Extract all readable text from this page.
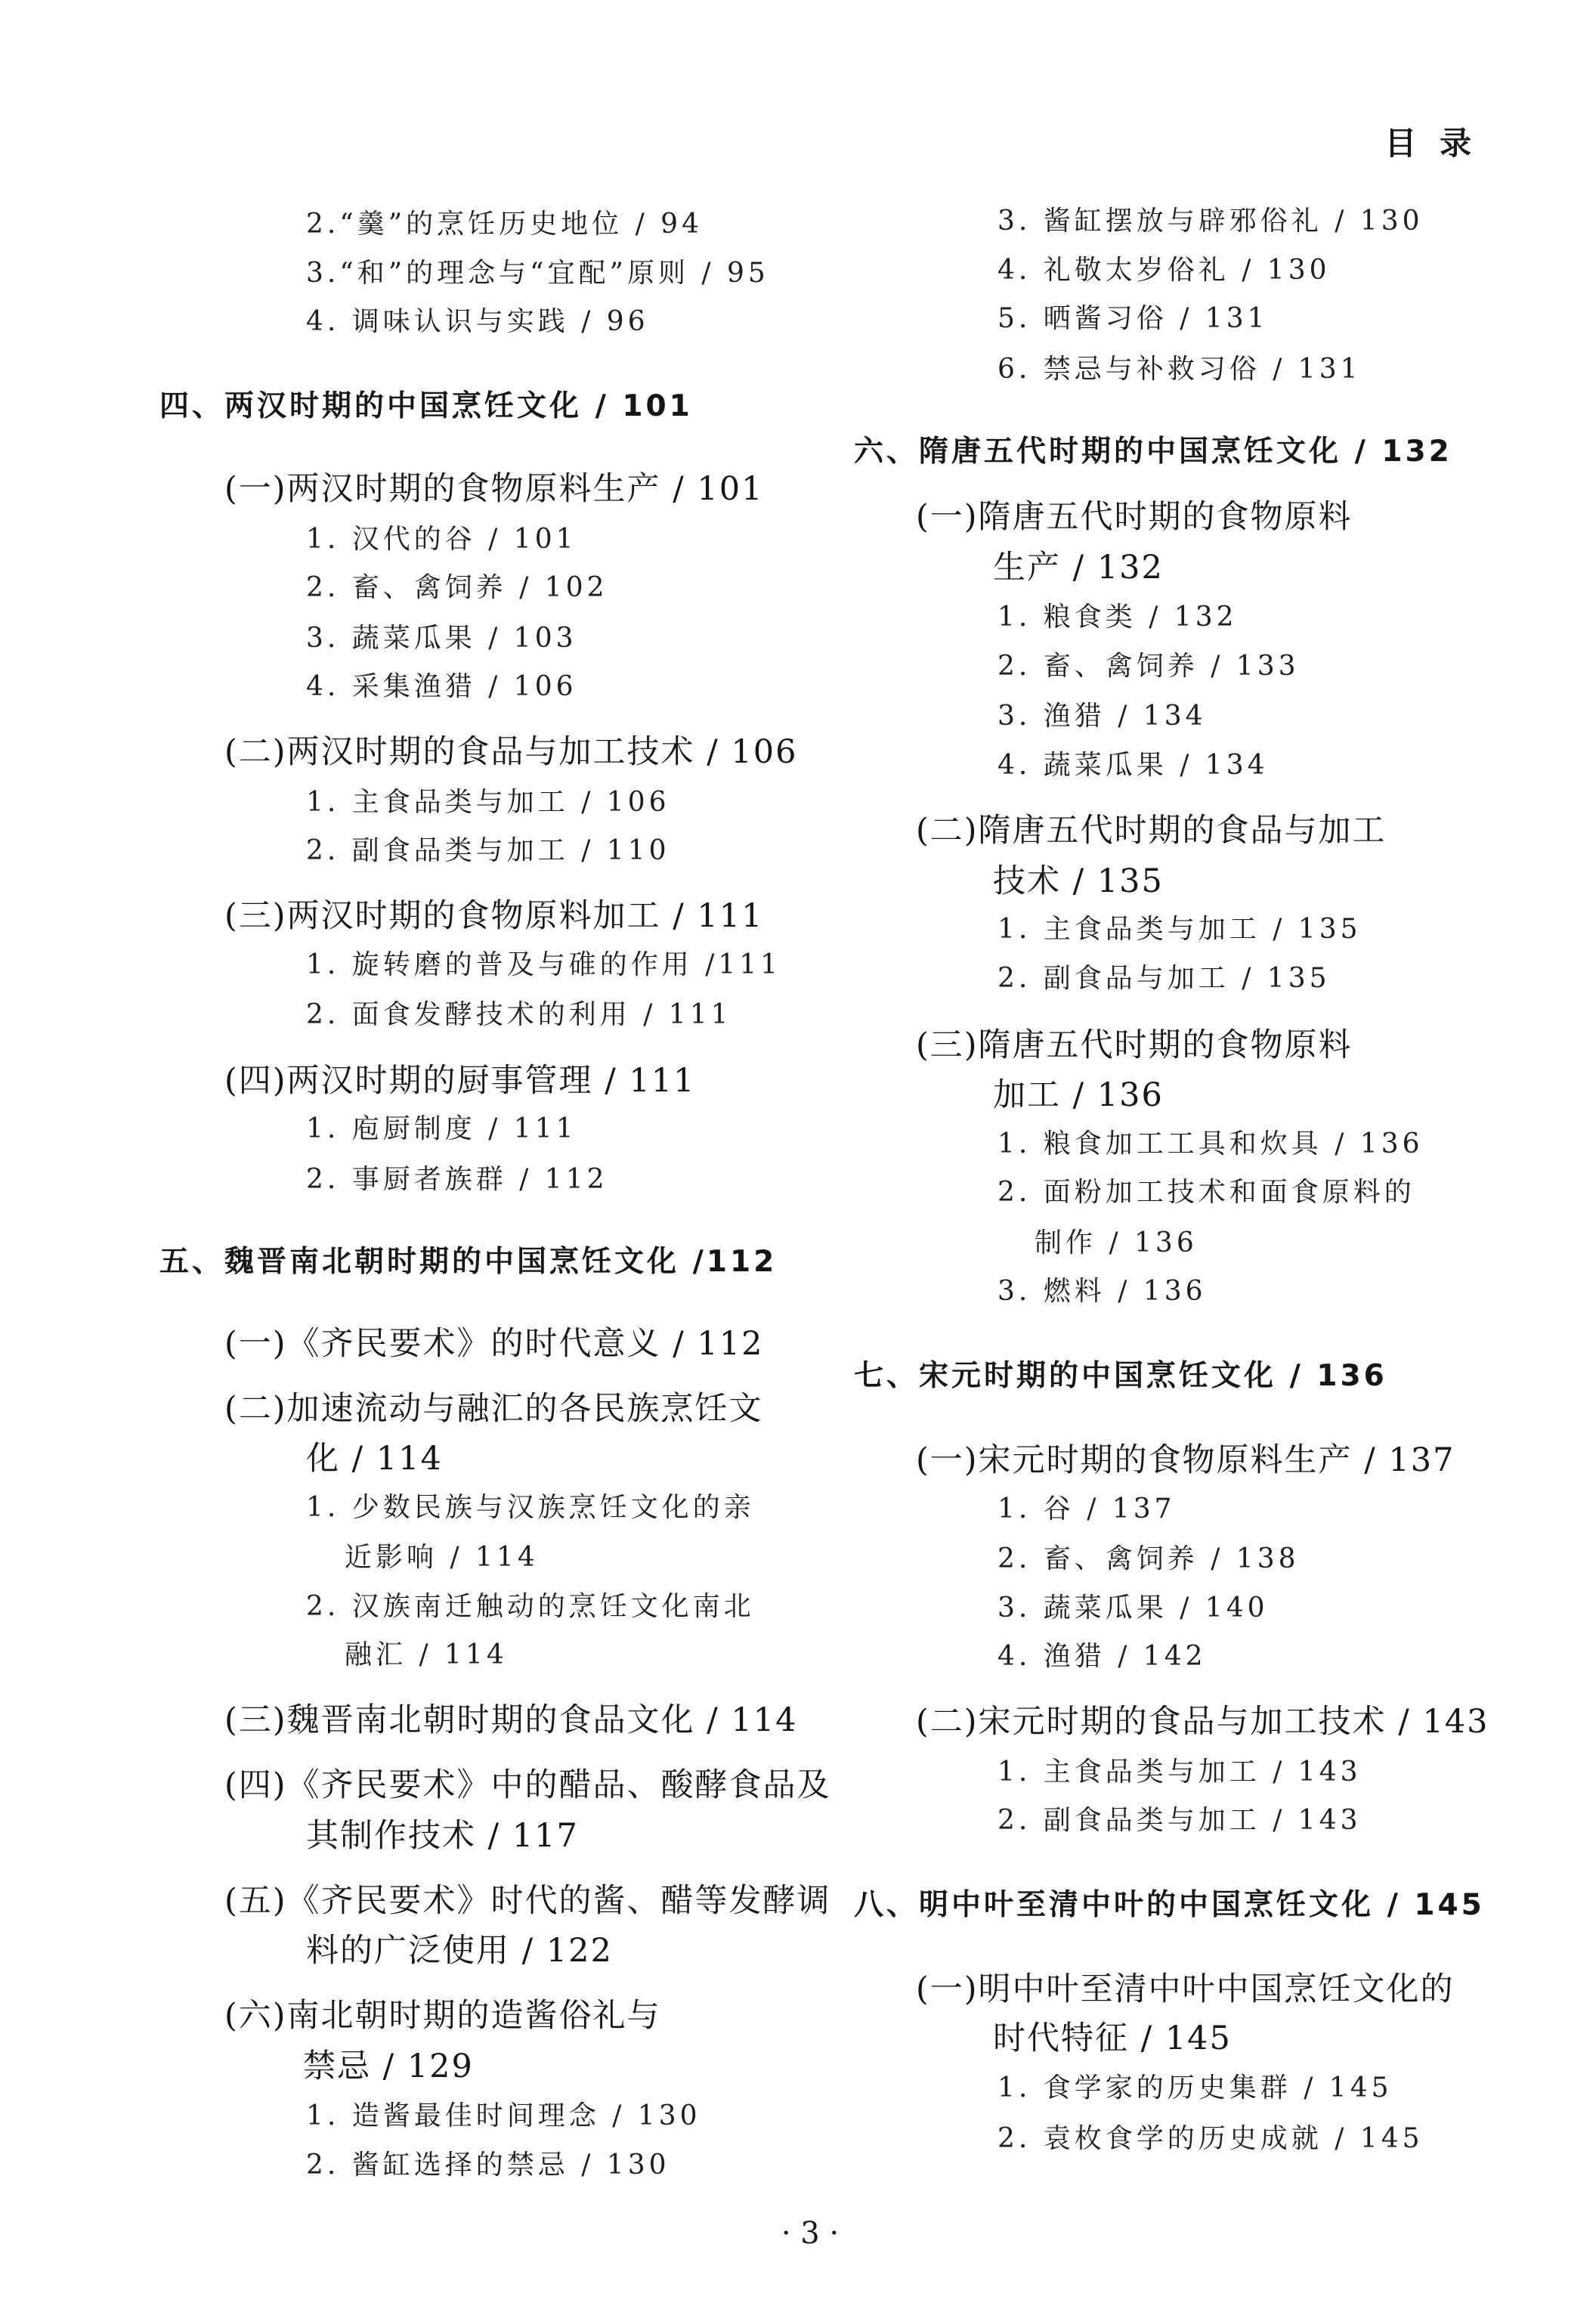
目 录
2.“羹”的烹饪历史地位 / 94
3.“和”的理念与“宜配”原则 / 95
4. 调味认识与实践 / 96
四、两汉时期的中国烹饪文化 / 101
(一)两汉时期的食物原料生产 / 101
1. 汉代的谷 / 101
2. 畜、禽饲养 / 102
3. 蔬菜瓜果 / 103
4. 采集渔猎 / 106
(二)两汉时期的食品与加工技术 / 106
1. 主食品类与加工 / 106
2. 副食品类与加工 / 110
(三)两汉时期的食物原料加工 / 111
1. 旋转磨的普及与碓的作用 /111
2. 面食发酵技术的利用 / 111
(四)两汉时期的厨事管理 / 111
1. 庖厨制度 / 111
2. 事厨者族群 / 112
五、魏晋南北朝时期的中国烹饪文化 /112
(一)《齐民要术》的时代意义 / 112
(二)加速流动与融汇的各民族烹饪文
化 / 114
1. 少数民族与汉族烹饪文化的亲
近影响 / 114
2. 汉族南迁触动的烹饪文化南北
融汇 / 114
(三)魏晋南北朝时期的食品文化 / 114
(四)《齐民要术》中的醋品、酸酵食品及
其制作技术 / 117
(五)《齐民要术》时代的酱、醋等发酵调
料的广泛使用 / 122
(六)南北朝时期的造酱俗礼与
禁忌 / 129
1. 造酱最佳时间理念 / 130
2. 酱缸选择的禁忌 / 130
3. 酱缸摆放与辟邪俗礼 / 130
4. 礼敬太岁俗礼 / 130
5. 晒酱习俗 / 131
6. 禁忌与补救习俗 / 131
六、隋唐五代时期的中国烹饪文化 / 132
(一)隋唐五代时期的食物原料
生产 / 132
1. 粮食类 / 132
2. 畜、禽饲养 / 133
3. 渔猎 / 134
4. 蔬菜瓜果 / 134
(二)隋唐五代时期的食品与加工
技术 / 135
1. 主食品类与加工 / 135
2. 副食品与加工 / 135
(三)隋唐五代时期的食物原料
加工 / 136
1. 粮食加工工具和炊具 / 136
2. 面粉加工技术和面食原料的
制作 / 136
3. 燃料 / 136
七、宋元时期的中国烹饪文化 / 136
(一)宋元时期的食物原料生产 / 137
1. 谷 / 137
2. 畜、禽饲养 / 138
3. 蔬菜瓜果 / 140
4. 渔猎 / 142
(二)宋元时期的食品与加工技术 / 143
1. 主食品类与加工 / 143
2. 副食品类与加工 / 143
八、明中叶至清中叶的中国烹饪文化 / 145
(一)明中叶至清中叶中国烹饪文化的
时代特征 / 145
1. 食学家的历史集群 / 145
2. 袁枚食学的历史成就 / 145
· 3 ·
